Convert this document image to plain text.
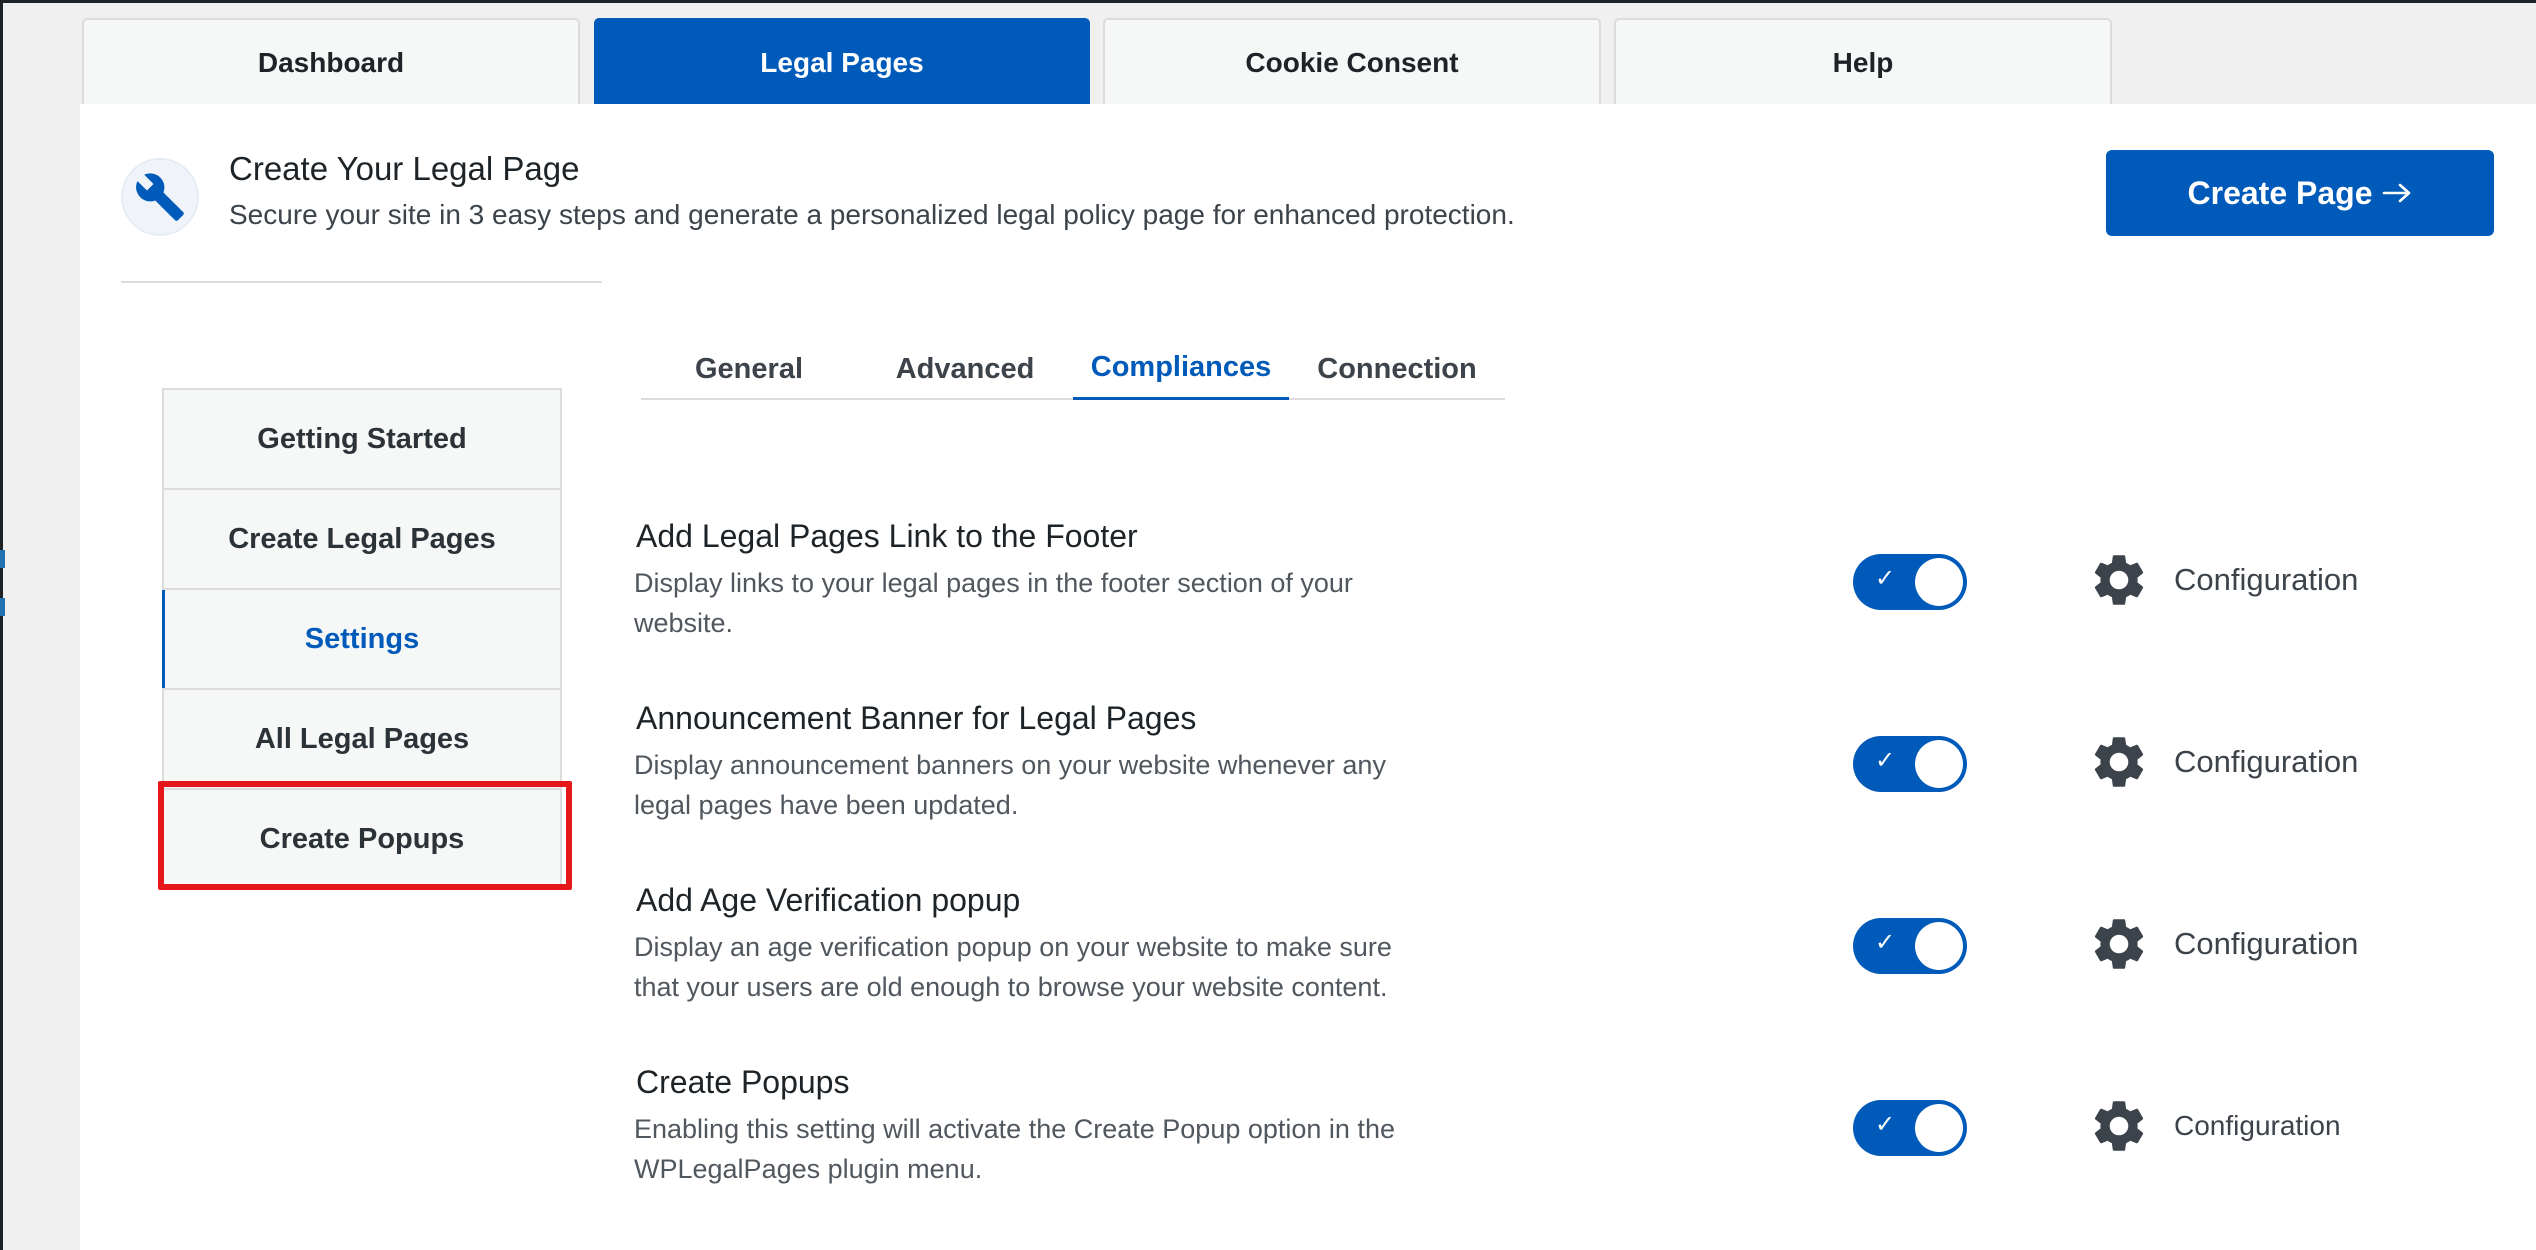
Dashboard	Legal Pages	Cookie Consent	Help
Create Your Legal Page
Secure your site in 3 easy steps and generate a personalized legal policy page for enhanced protection.
Create Page
General	Advanced	Compliances	Connection
Getting Started
Create Legal Pages
Settings
All Legal Pages
Create Popups
Add Legal Pages Link to the Footer
Display links to your legal pages in the footer section of your website.
✓	Configuration
Announcement Banner for Legal Pages
Display announcement banners on your website whenever any legal pages have been updated.
✓	Configuration
Add Age Verification popup
Display an age verification popup on your website to make sure that your users are old enough to browse your website content.
✓	Configuration
Create Popups
Enabling this setting will activate the Create Popup option in the WPLegalPages plugin menu.
✓	Configuration
